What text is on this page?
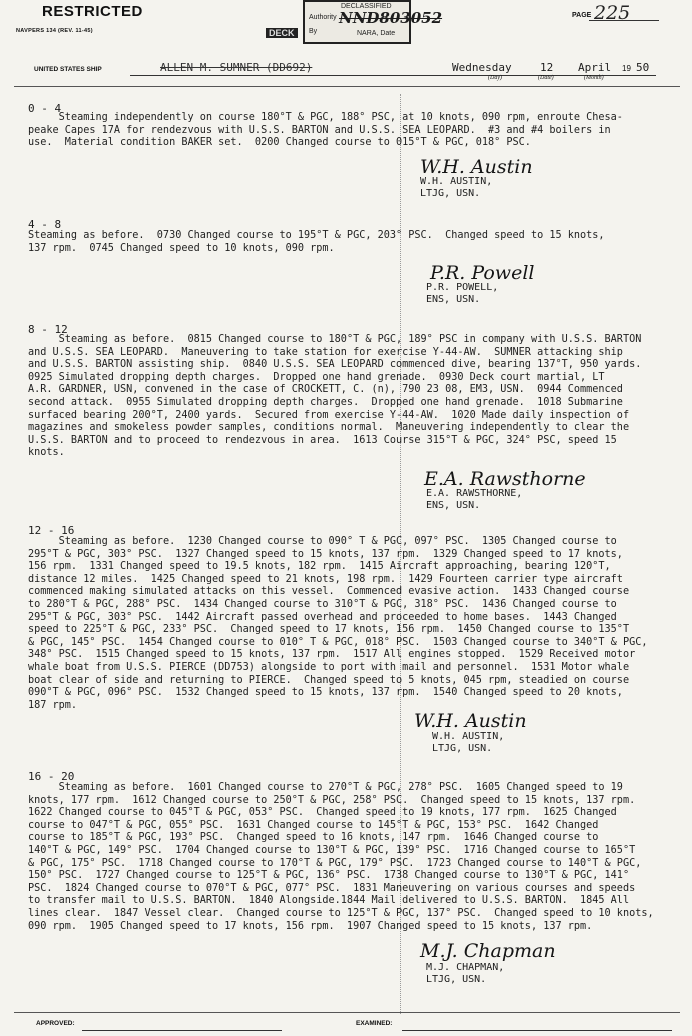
RESTRICTED
NAVPERS 134 (REV. 11-45)	DECK
DECLASSIFIED
Authority NND803052
By	NARA, Date
PAGE 225
UNITED STATES SHIP	ALLEN M. SUMNER (DD692)	Wednesday	12 April 19 50
(Day)	(Date)	(Month)
0 - 4
Steaming independently on course 180°T & PGC, 188° PSC, at 10 knots, 090 rpm, enroute Chesa-
peake Capes 17A for rendezvous with U.S.S. BARTON and U.S.S. SEA LEOPARD.  #3 and #4 boilers in
use.  Material condition BAKER set.  0200 Changed course to 015°T & PGC, 018° PSC.
W.H. Austin
W.H. AUSTIN,
LTJG, USN.
4 - 8
Steaming as before.  0730 Changed course to 195°T & PGC, 203° PSC.  Changed speed to 15 knots,
137 rpm.  0745 Changed speed to 10 knots, 090 rpm.
P.R. Powell
P.R. POWELL,
ENS, USN.
8 - 12
Steaming as before.  0815 Changed course to 180°T & PGC, 189° PSC in company with U.S.S. BARTON
and U.S.S. SEA LEOPARD.  Maneuvering to take station for exercise Y-44-AW.  SUMNER attacking ship
and U.S.S. BARTON assisting ship.  0840 U.S.S. SEA LEOPARD commenced dive, bearing 137°T, 950 yards.
0925 Simulated dropping depth charges.  Dropped one hand grenade.  0930 Deck court martial, LT
A.R. GARDNER, USN, convened in the case of CROCKETT, C. (n), 790 23 08, EM3, USN.  0944 Commenced
second attack.  0955 Simulated dropping depth charges.  Dropped one hand grenade.  1018 Submarine
surfaced bearing 200°T, 2400 yards.  Secured from exercise Y-44-AW.  1020 Made daily inspection of
magazines and smokeless powder samples, conditions normal.  Maneuvering independently to clear the
U.S.S. BARTON and to proceed to rendezvous in area.  1613 Course 315°T & PGC, 324° PSC, speed 15
knots.
E.A. Rawsthorne
E.A. RAWSTHORNE,
ENS, USN.
12 - 16
Steaming as before.  1230 Changed course to 090° T & PGC, 097° PSC.  1305 Changed course to
295°T & PGC, 303° PSC.  1327 Changed speed to 15 knots, 137 rpm.  1329 Changed speed to 17 knots,
156 rpm.  1331 Changed speed to 19.5 knots, 182 rpm.  1415 Aircraft approaching, bearing 120°T,
distance 12 miles.  1425 Changed speed to 21 knots, 198 rpm.  1429 Fourteen carrier type aircraft
commenced making simulated attacks on this vessel.  Commenced evasive action.  1433 Changed course
to 280°T & PGC, 288° PSC.  1434 Changed course to 310°T & PGC, 318° PSC.  1436 Changed course to
295°T & PGC, 303° PSC.  1442 Aircraft passed overhead and proceeded to home bases.  1443 Changed
speed to 225°T & PGC, 233° PSC.  Changed speed to 17 knots, 156 rpm.  1450 Changed course to 135°T
& PGC, 145° PSC.  1454 Changed course to 010° T & PGC, 018° PSC.  1503 Changed course to 340°T & PGC,
348° PSC.  1515 Changed speed to 15 knots, 137 rpm.  1517 All engines stopped.  1529 Received motor
whale boat from U.S.S. PIERCE (DD753) alongside to port with mail and personnel.  1531 Motor whale
boat clear of side and returning to PIERCE.  Changed speed to 5 knots, 045 rpm, steadied on course
090°T & PGC, 096° PSC.  1532 Changed speed to 15 knots, 137 rpm.  1540 Changed speed to 20 knots,
187 rpm.
W.H. Austin
W.H. AUSTIN,
LTJG, USN.
16 - 20
Steaming as before.  1601 Changed course to 270°T & PGC, 278° PSC.  1605 Changed speed to 19
knots, 177 rpm.  1612 Changed course to 250°T & PGC, 258° PSC.  Changed speed to 15 knots, 137 rpm.
1622 Changed course to 045°T & PGC, 053° PSC.  Changed speed to 19 knots, 177 rpm.  1625 Changed
course to 047°T & PGC, 055° PSC.  1631 Changed course to 145°T & PGC, 153° PSC.  1642 Changed
course to 185°T & PGC, 193° PSC.  Changed speed to 16 knots, 147 rpm.  1646 Changed course to
140°T & PGC, 149° PSC.  1704 Changed course to 130°T & PGC, 139° PSC.  1716 Changed course to 165°T
& PGC, 175° PSC.  1718 Changed course to 170°T & PGC, 179° PSC.  1723 Changed course to 140°T & PGC,
150° PSC.  1727 Changed course to 125°T & PGC, 136° PSC.  1738 Changed course to 130°T & PGC, 141°
PSC.  1824 Changed course to 070°T & PGC, 077° PSC.  1831 Maneuvering on various courses and speeds
to transfer mail to U.S.S. BARTON.  1840 Alongside.1844 Mail delivered to U.S.S. BARTON.  1845 All
lines clear.  1847 Vessel clear.  Changed course to 125°T & PGC, 137° PSC.  Changed speed to 10 knots,
090 rpm.  1905 Changed speed to 17 knots, 156 rpm.  1907 Changed speed to 15 knots, 137 rpm.
M.J. Chapman
M.J. CHAPMAN,
LTJG, USN.
APPROVED:	EXAMINED:
